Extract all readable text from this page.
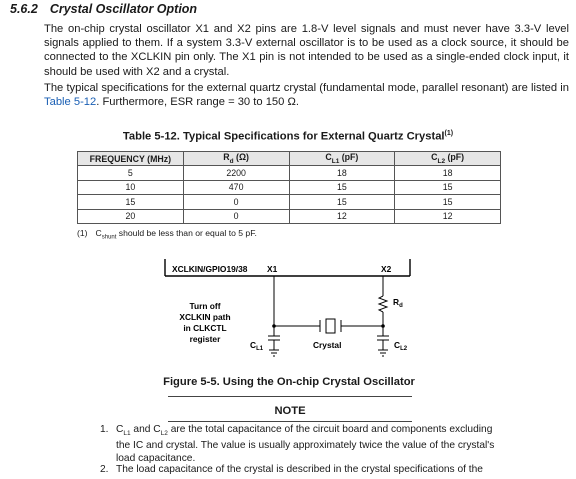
5.6.2 Crystal Oscillator Option
The on-chip crystal oscillator X1 and X2 pins are 1.8-V level signals and must never have 3.3-V level signals applied to them. If a system 3.3-V external oscillator is to be used as a clock source, it should be connected to the XCLKIN pin only. The X1 pin is not intended to be used as a single-ended clock input, it should be used with X2 and a crystal.
The typical specifications for the external quartz crystal (fundamental mode, parallel resonant) are listed in Table 5-12. Furthermore, ESR range = 30 to 150 Ω.
Table 5-12. Typical Specifications for External Quartz Crystal$^{(1)}$
FREQUENCY (MHz)	$R_d$ (Ω)	$C_{L1}$ (pF)	$C_{L2}$ (pF)
5	2200	18	18
10	470	15	15
15	0	15	15
20	0	12	12
(1) $C_{shunt}$ should be less than or equal to 5 pF.
XCLKIN/GPIO19/38 X1	X2
$R_d$
Crystal
$C_{L1}$	$C_{L2}$
Turn off
XCLKIN path
in CLKCTL
register
Figure 5-5. Using the On-chip Crystal Oscillator
NOTE
1. $C_{L1}$ and $C_{L2}$ are the total capacitance of the circuit board and components excluding the IC and crystal. The value is usually approximately twice the value of the crystal's load capacitance.
2. The load capacitance of the crystal is described in the crystal specifications of the
